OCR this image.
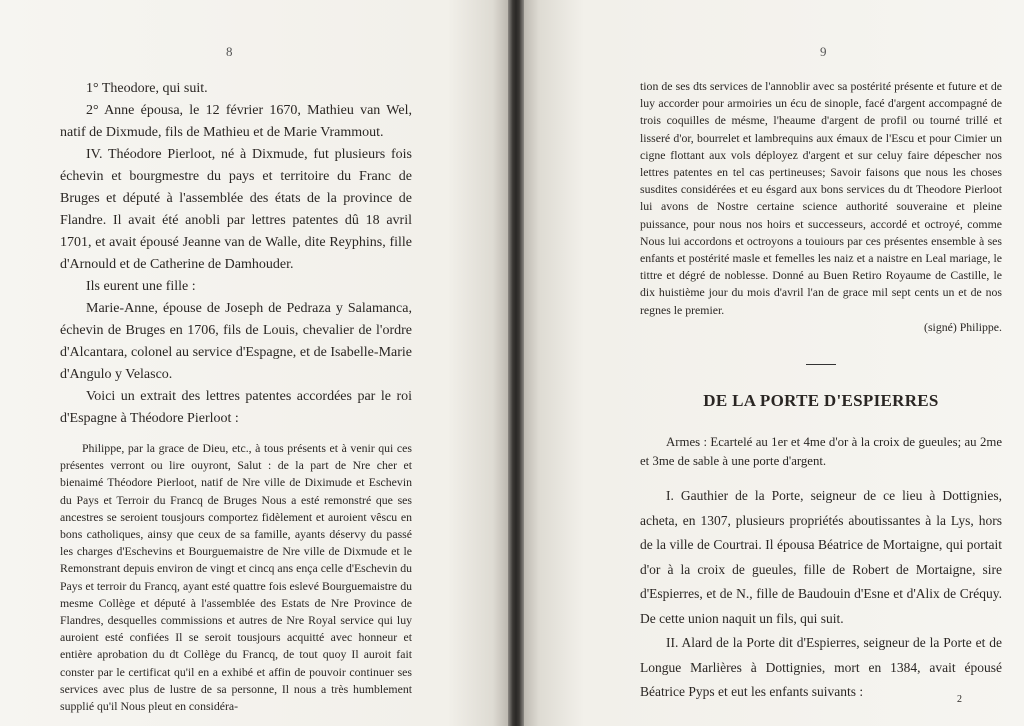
8

1° Theodore, qui suit.

2° Anne épousa, le 12 février 1670, Mathieu van Wel, natif de Dixmude, fils de Mathieu et de Marie Vrammout.

IV. Théodore Pierloot, né à Dixmude, fut plusieurs fois échevin et bourgmestre du pays et territoire du Franc de Bruges et député à l'assemblée des états de la province de Flandre. Il avait été anobli par lettres patentes dû 18 avril 1701, et avait épousé Jeanne van de Walle, dite Reyphins, fille d'Arnould et de Catherine de Damhouder.

Ils eurent une fille :

Marie-Anne, épouse de Joseph de Pedraza y Salamanca, échevin de Bruges en 1706, fils de Louis, chevalier de l'ordre d'Alcantara, colonel au service d'Espagne, et de Isabelle-Marie d'Angulo y Velasco.

Voici un extrait des lettres patentes accordées par le roi d'Espagne à Théodore Pierloot :

Philippe, par la grace de Dieu, etc., à tous présents et à venir qui ces présentes verront ou lire ouyront, Salut : de la part de Nre cher et bienaimé Théodore Pierloot, natif de Nre ville de Diximude et Eschevin du Pays et Terroir du Francq de Bruges Nous a esté remonstré que ses ancestres se seroient tousjours comportez fidèlement et auroient vêscu en bons catholiques, ainsy que ceux de sa famille, ayants déservy du passé les charges d'Eschevins et Bourguemaistre de Nre ville de Dixmude et le Remonstrant depuis environ de vingt et cincq ans ença celle d'Eschevin du Pays et terroir du Francq, ayant esté quattre fois eslevé Bourguemaistre du mesme Collège et député à l'assemblée des Estats de Nre Province de Flandres, desquelles commissions et autres de Nre Royal service qui luy auroient esté confiées Il se seroit tousjours acquitté avec honneur et entière aprobation du dt Collège du Francq, de tout quoy Il auroit fait conster par le certificat qu'il en a exhibé et affin de pouvoir continuer ses services avec plus de lustre de sa personne, Il nous a très humblement supplié qu'il Nous pleut en considéra-

9

tion de ses dts services de l'annoblir avec sa postérité présente et future et de luy accorder pour armoiries un écu de sinople, facé d'argent accompagné de trois coquilles de mésme, l'heaume d'argent de profil ou tourné trillé et lisseré d'or, bourrelet et lambrequins aux émaux de l'Escu et pour Cimier un cigne flottant aux vols déployez d'argent et sur celuy faire dépescher nos lettres patentes en tel cas pertineuses; Savoir faisons que nous les choses susdites considérées et eu ésgard aux bons services du dt Theodore Pierloot lui avons de Nostre certaine science authorité souveraine et pleine puissance, pour nous nos hoirs et successeurs, accordé et octroyé, comme Nous lui accordons et octroyons a touiours par ces présentes ensemble à ses enfants et postérité masle et femelles les naiz et a naistre en Leal mariage, le tittre et dégré de noblesse. Donné au Buen Retiro Royaume de Castille, le dix huistième jour du mois d'avril l'an de grace mil sept cents un et de nos regnes le premier.

(signé) Philippe.

DE LA PORTE D'ESPIERRES

Armes : Ecartelé au 1er et 4me d'or à la croix de gueules; au 2me et 3me de sable à une porte d'argent.

I. Gauthier de la Porte, seigneur de ce lieu à Dottignies, acheta, en 1307, plusieurs propriétés aboutissantes à la Lys, hors de la ville de Courtrai. Il épousa Béatrice de Mortaigne, qui portait d'or à la croix de gueules, fille de Robert de Mortaigne, sire d'Espierres, et de N., fille de Baudouin d'Esne et d'Alix de Créquy. De cette union naquit un fils, qui suit.

II. Alard de la Porte dit d'Espierres, seigneur de la Porte et de Longue Marlières à Dottignies, mort en 1384, avait épousé Béatrice Pyps et eut les enfants suivants :

2
